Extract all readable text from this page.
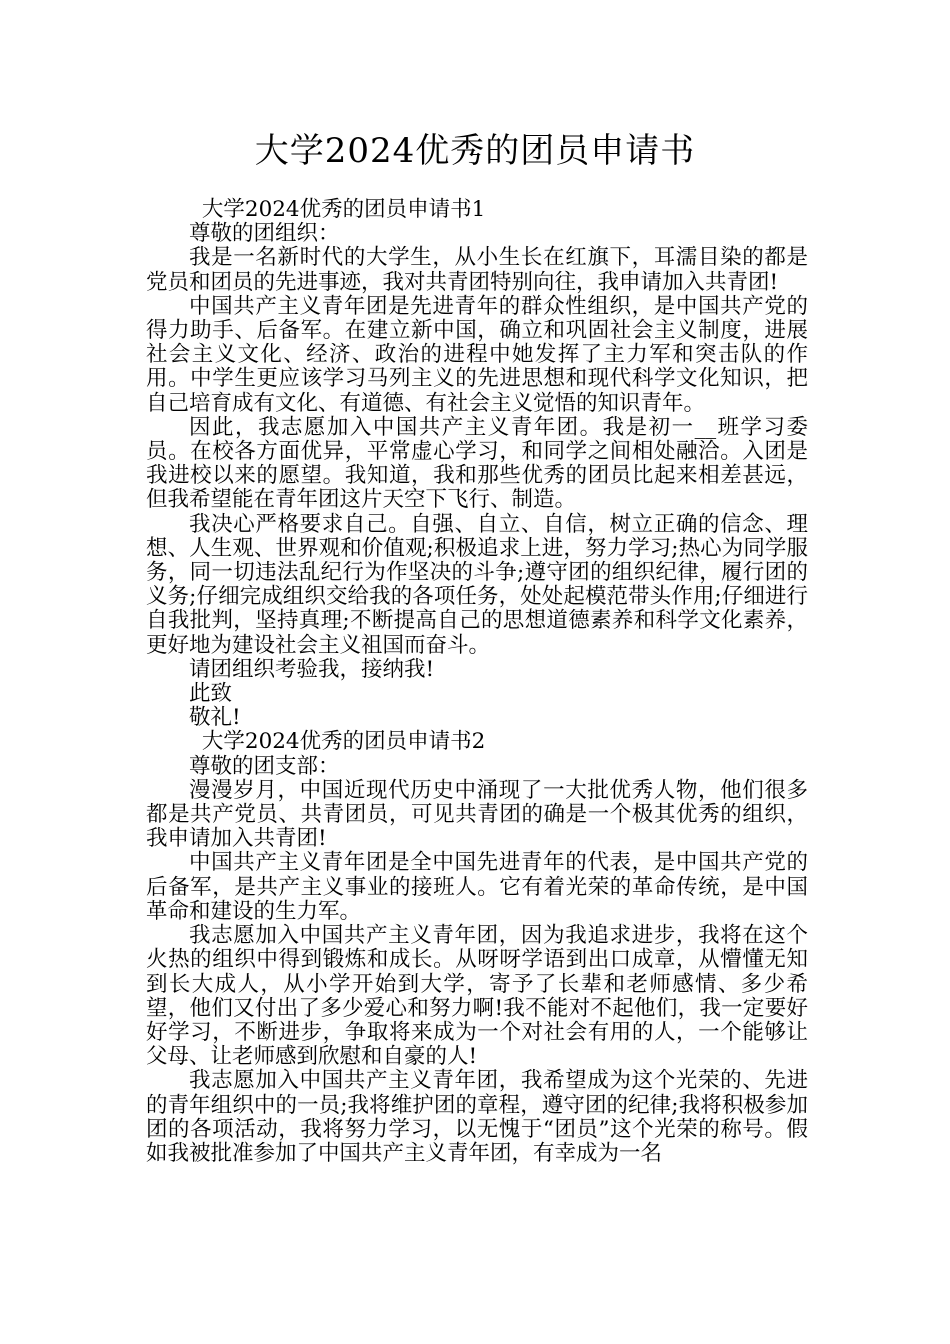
大学2024优秀的团员申请书

大学2024优秀的团员申请书1

尊敬的团组织：

我是一名新时代的大学生，从小生长在红旗下，耳濡目染的都是党员和团员的先进事迹，我对共青团特别向往，我申请加入共青团!

中国共产主义青年团是先进青年的群众性组织，是中国共产党的得力助手、后备军。在建立新中国，确立和巩固社会主义制度，进展社会主义文化、经济、政治的进程中她发挥了主力军和突击队的作用。中学生更应该学习马列主义的先进思想和现代科学文化知识，把自己培育成有文化、有道德、有社会主义觉悟的知识青年。

因此，我志愿加入中国共产主义青年团。我是初一__班学习委员。在校各方面优异，平常虚心学习，和同学之间相处融洽。入团是我进校以来的愿望。我知道，我和那些优秀的团员比起来相差甚远，但我希望能在青年团这片天空下飞行、制造。

我决心严格要求自己。自强、自立、自信，树立正确的信念、理想、人生观、世界观和价值观;积极追求上进，努力学习;热心为同学服务，同一切违法乱纪行为作坚决的斗争;遵守团的组织纪律，履行团的义务;仔细完成组织交给我的各项任务，处处起模范带头作用;仔细进行自我批判，坚持真理;不断提高自己的思想道德素养和科学文化素养，更好地为建设社会主义祖国而奋斗。

请团组织考验我，接纳我!

此致

敬礼!

大学2024优秀的团员申请书2

尊敬的团支部：

漫漫岁月，中国近现代历史中涌现了一大批优秀人物，他们很多都是共产党员、共青团员，可见共青团的确是一个极其优秀的组织，我申请加入共青团!

中国共产主义青年团是全中国先进青年的代表，是中国共产党的后备军，是共产主义事业的接班人。它有着光荣的革命传统，是中国革命和建设的生力军。

我志愿加入中国共产主义青年团，因为我追求进步，我将在这个火热的组织中得到锻炼和成长。从呀呀学语到出口成章，从懵懂无知到长大成人，从小学开始到大学，寄予了长辈和老师感情、多少希望，他们又付出了多少爱心和努力啊!我不能对不起他们，我一定要好好学习，不断进步，争取将来成为一个对社会有用的人，一个能够让父母、让老师感到欣慰和自豪的人!

我志愿加入中国共产主义青年团，我希望成为这个光荣的、先进的青年组织中的一员;我将维护团的章程，遵守团的纪律;我将积极参加团的各项活动，我将努力学习，以无愧于“团员”这个光荣的称号。假如我被批准参加了中国共产主义青年团，有幸成为一名
